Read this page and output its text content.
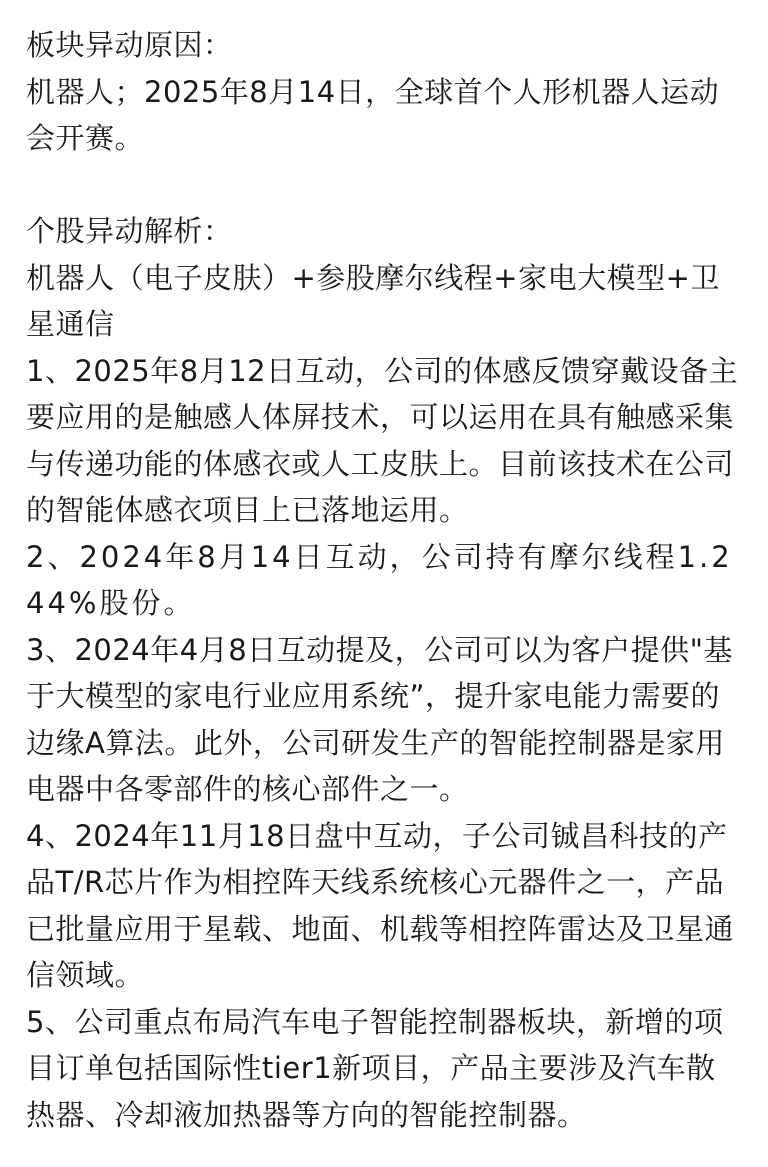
板块异动原因：

机器人；2025年8月14日，全球首个人形机器人运动会开赛。

个股异动解析：

机器人（电子皮肤）+参股摩尔线程+家电大模型+卫星通信

1、2025年8月12日互动，公司的体感反馈穿戴设备主要应用的是触感人体屏技术，可以运用在具有触感采集与传递功能的体感衣或人工皮肤上。目前该技术在公司的智能体感衣项目上已落地运用。

2、2024年8月14日互动，公司持有摩尔线程1.244%股份。

3、2024年4月8日互动提及，公司可以为客户提供"基于大模型的家电行业应用系统”，提升家电能力需要的边缘A算法。此外，公司研发生产的智能控制器是家用电器中各零部件的核心部件之一。

4、2024年11月18日盘中互动，子公司铖昌科技的产品T/R芯片作为相控阵天线系统核心元器件之一，产品已批量应用于星载、地面、机载等相控阵雷达及卫星通信领域。

5、公司重点布局汽车电子智能控制器板块，新增的项目订单包括国际性tier1新项目，产品主要涉及汽车散热器、冷却液加热器等方向的智能控制器。
